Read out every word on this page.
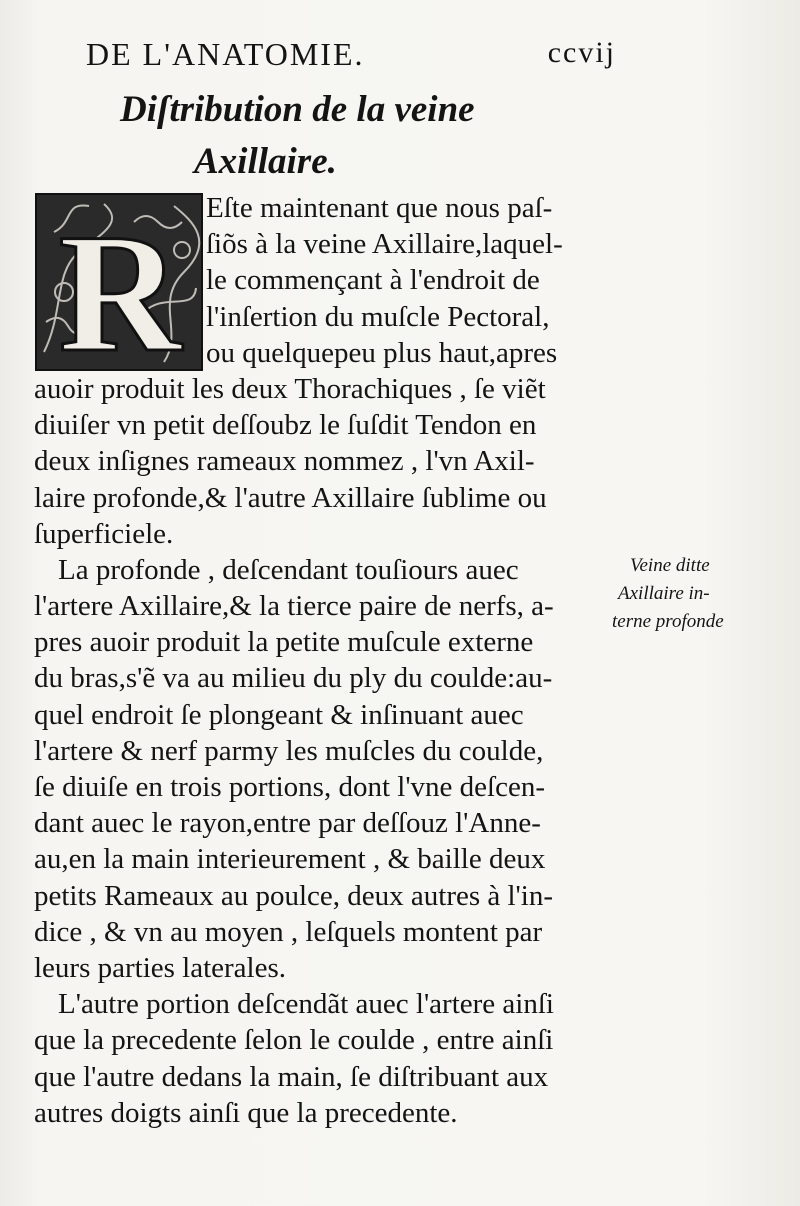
DE L'ANATOMIE.	ccvij
Diſtribution de la veine
Axillaire.
R Eſte maintenant que nous paſ-
ſiõs à la veine Axillaire,laquel-
le commençant à l'endroit de
l'inſertion du muſcle Pectoral,
ou quelquepeu plus haut,apres
auoir produit les deux Thorachiques , ſe viẽt
diuiſer vn petit deſſoubz le ſuſdit Tendon en
deux inſignes rameaux nommez , l'vn Axil-
laire profonde,& l'autre Axillaire ſublime ou
ſuperficiele.
La profonde , deſcendant touſiours auec
l'artere Axillaire,& la tierce paire de nerfs, a-
pres auoir produit la petite muſcule externe
du bras,s'ẽ va au milieu du ply du coulde:au-
quel endroit ſe plongeant & inſinuant auec
l'artere & nerf parmy les muſcles du coulde,
ſe diuiſe en trois portions, dont l'vne deſcen-
dant auec le rayon,entre par deſſouz l'Anne-
au,en la main interieurement , & baille deux
petits Rameaux au poulce, deux autres à l'in-
dice , & vn au moyen , leſquels montent par
leurs parties laterales.
L'autre portion deſcendãt auec l'artere ainſi
que la precedente ſelon le coulde , entre ainſi
que l'autre dedans la main, ſe diſtribuant aux
autres doigts ainſi que la precedente.
Veine ditte
Axillaire in-
terne profonde
